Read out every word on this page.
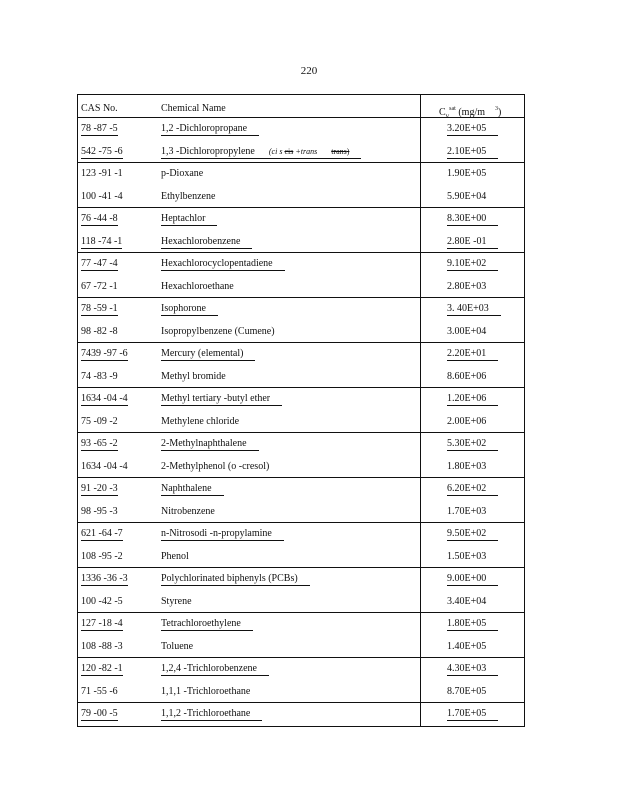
220
CAS No.	Chemical Name	$C_v^{sat}$ (mg/m $^3$)
78 -87 -5	1,2 -Dichloropropane	3.20E+05
542 -75 -6	1,3 -Dichloropropylene (ci s cis +trans trans)	2.10E+05
123 -91 -1	p-Dioxane	1.90E+05
100 -41 -4	Ethylbenzene	5.90E+04
76 -44 -8	Heptachlor	8.30E+00
118 -74 -1	Hexachlorobenzene	2.80E -01
77 -47 -4	Hexachlorocyclopentadiene	9.10E+02
67 -72 -1	Hexachloroethane	2.80E+03
78 -59 -1	Isophorone	3. 40E+03
98 -82 -8	Isopropylbenzene (Cumene)	3.00E+04
7439 -97 -6	Mercury (elemental)	2.20E+01
74 -83 -9	Methyl bromide	8.60E+06
1634 -04 -4	Methyl tertiary -butyl ether	1.20E+06
75 -09 -2	Methylene chloride	2.00E+06
93 -65 -2	2-Methylnaphthalene	5.30E+02
1634 -04 -4	2-Methylphenol (o -cresol)	1.80E+03
91 -20 -3	Naphthalene	6.20E+02
98 -95 -3	Nitrobenzene	1.70E+03
621 -64 -7	n-Nitrosodi -n-propylamine	9.50E+02
108 -95 -2	Phenol	1.50E+03
1336 -36 -3	Polychlorinated biphenyls (PCBs)	9.00E+00
100 -42 -5	Styrene	3.40E+04
127 -18 -4	Tetrachloroethylene	1.80E+05
108 -88 -3	Toluene	1.40E+05
120 -82 -1	1,2,4 -Trichlorobenzene	4.30E+03
71 -55 -6	1,1,1 -Trichloroethane	8.70E+05
79 -00 -5	1,1,2 -Trichloroethane	1.70E+05
